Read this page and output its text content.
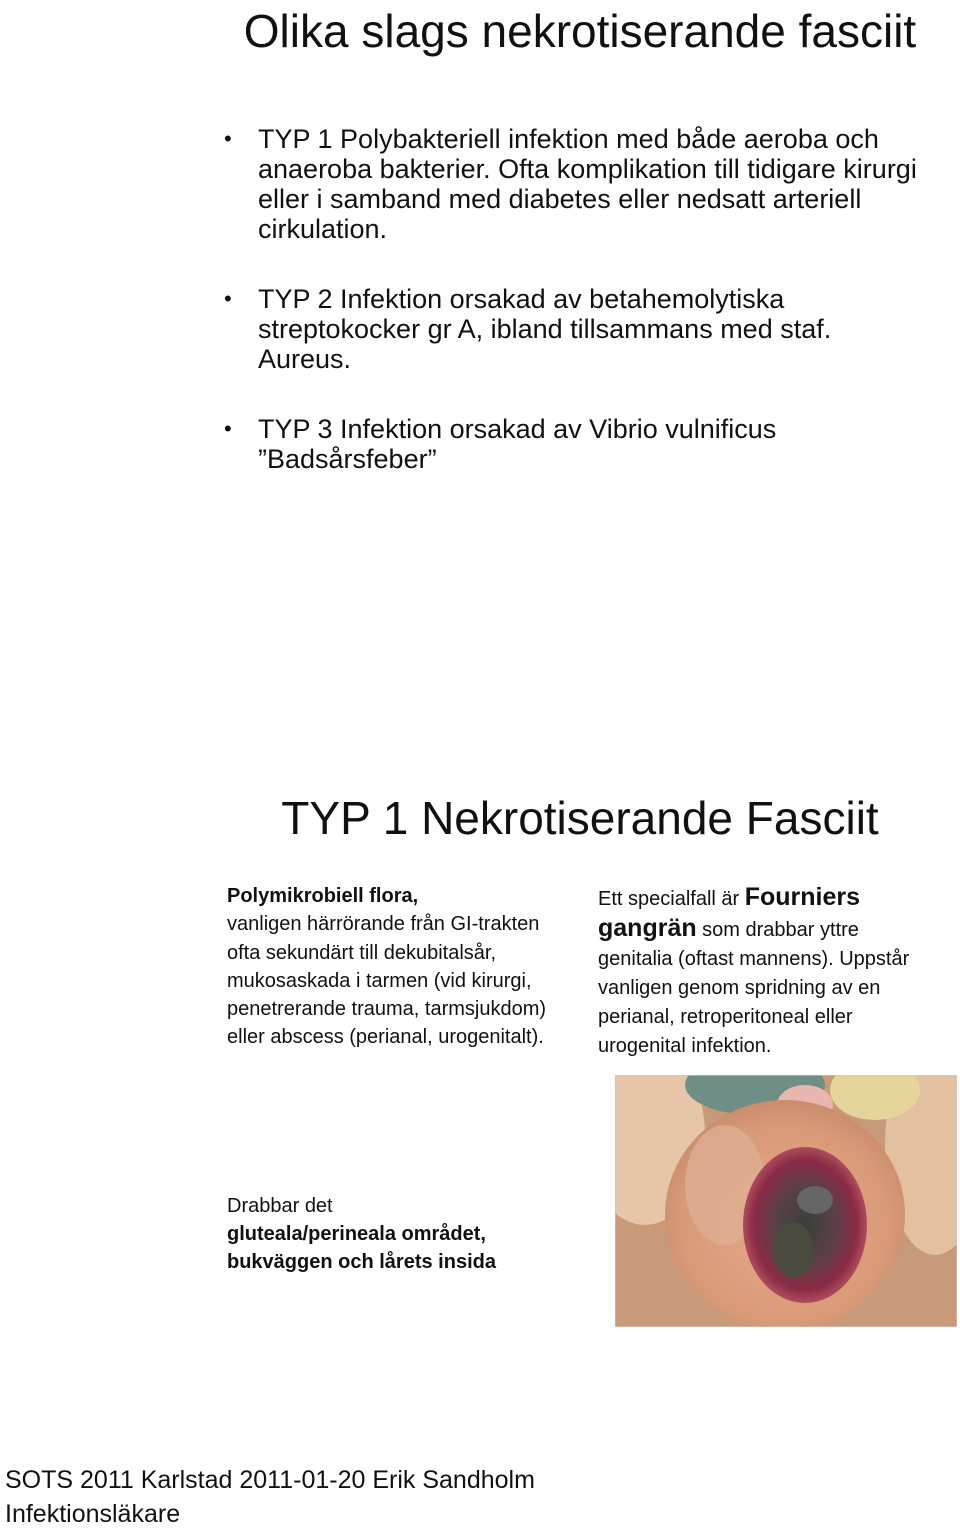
Olika slags nekrotiserande fasciit
• TYP 1 Polybakteriell infektion med både aeroba och anaeroba bakterier. Ofta komplikation till tidigare kirurgi eller i samband med diabetes eller nedsatt arteriell cirkulation.
• TYP 2 Infektion orsakad av betahemolytiska streptokocker gr A, ibland tillsammans med staf. Aureus.
• TYP 3 Infektion orsakad av Vibrio vulnificus ”Badsårsfeber”
TYP 1 Nekrotiserande Fasciit
Polymikrobiell flora,
vanligen härrörande från GI-trakten ofta sekundärt till dekubitalsår, mukosaskada i tarmen (vid kirurgi, penetrerande trauma, tarmsjukdom) eller abscess (perianal, urogenitalt).
Drabbar det
gluteala/perineala området, bukväggen och lårets insida
Ett specialfall är Fourniers gangrän som drabbar yttre genitalia (oftast mannens). Uppstår vanligen genom spridning av en perianal, retroperitoneal eller urogenital infektion.
SOTS 2011 Karlstad 2011-01-20 Erik Sandholm Infektionsläkare
